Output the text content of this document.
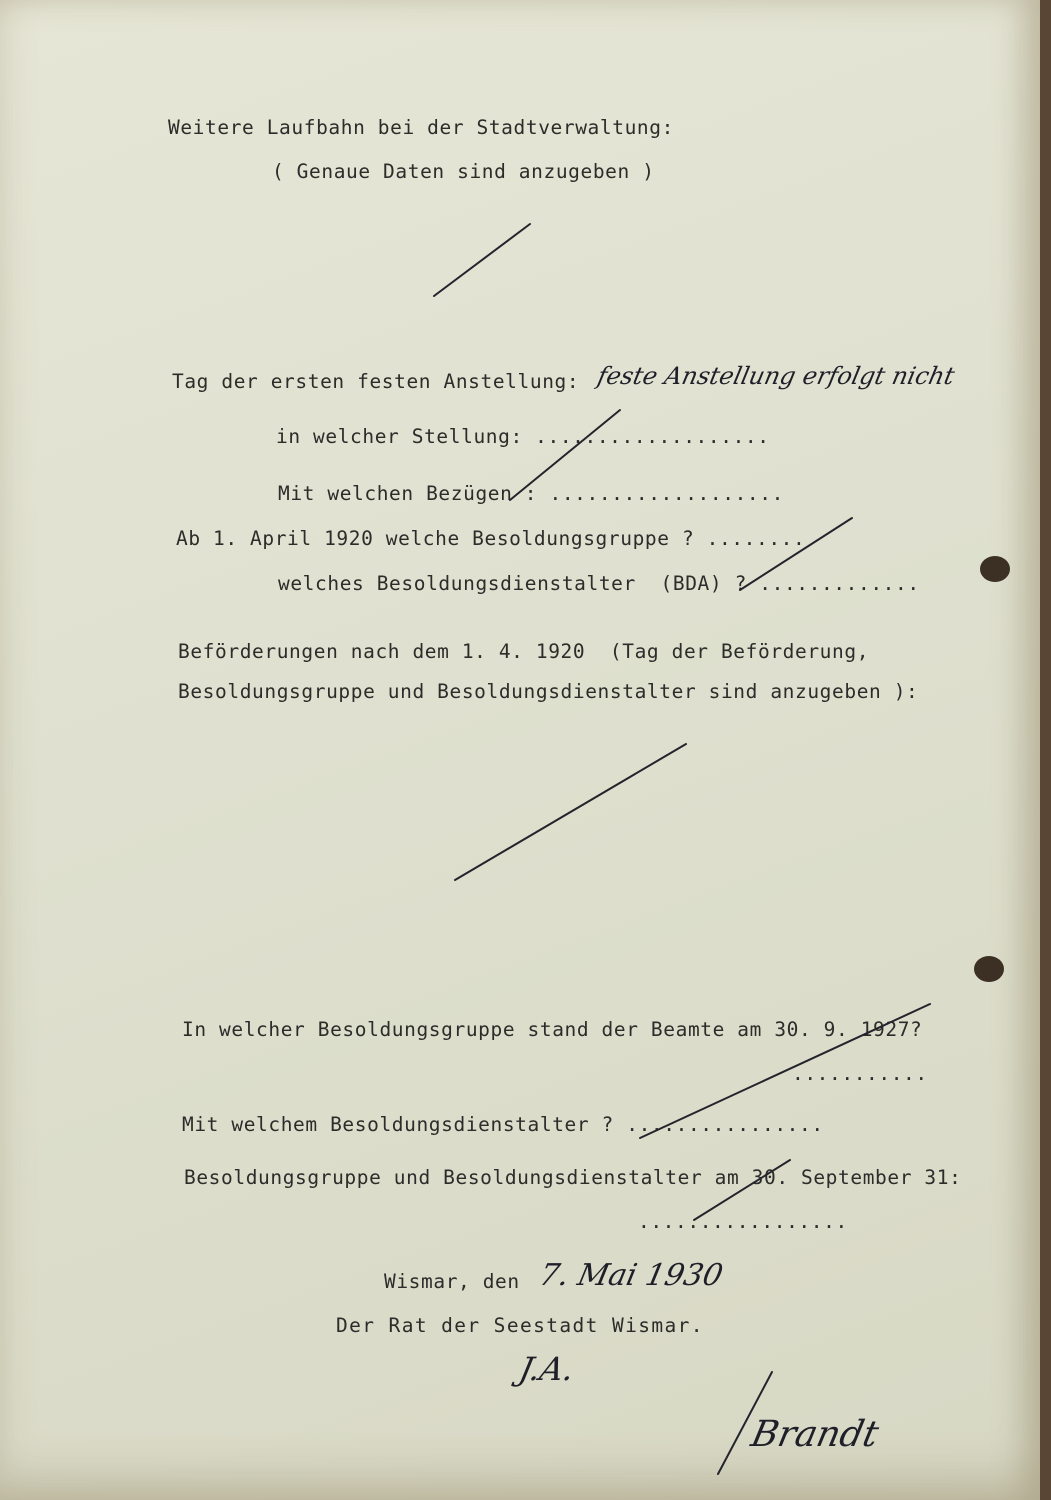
Weitere Laufbahn bei der Stadtverwaltung:
( Genaue Daten sind anzugeben )
Tag der ersten festen Anstellung: feste Anstellung erfolgt nicht
in welcher Stellung: ...................
Mit welchen Bezügen : ...................
Ab 1. April 1920 welche Besoldungsgruppe ? ........
welches Besoldungsdienstalter  (BDA) ? .............
Beförderungen nach dem 1. 4. 1920  (Tag der Beförderung,
Besoldungsgruppe und Besoldungsdienstalter sind anzugeben ):
In welcher Besoldungsgruppe stand der Beamte am 30. 9. 1927?
...........
Mit welchem Besoldungsdienstalter ? ................
Besoldungsgruppe und Besoldungsdienstalter am 30. September 31:
.................
Wismar, den 7. Mai 1930
Der Rat der Seestadt Wismar.
J.A.
Brandt
